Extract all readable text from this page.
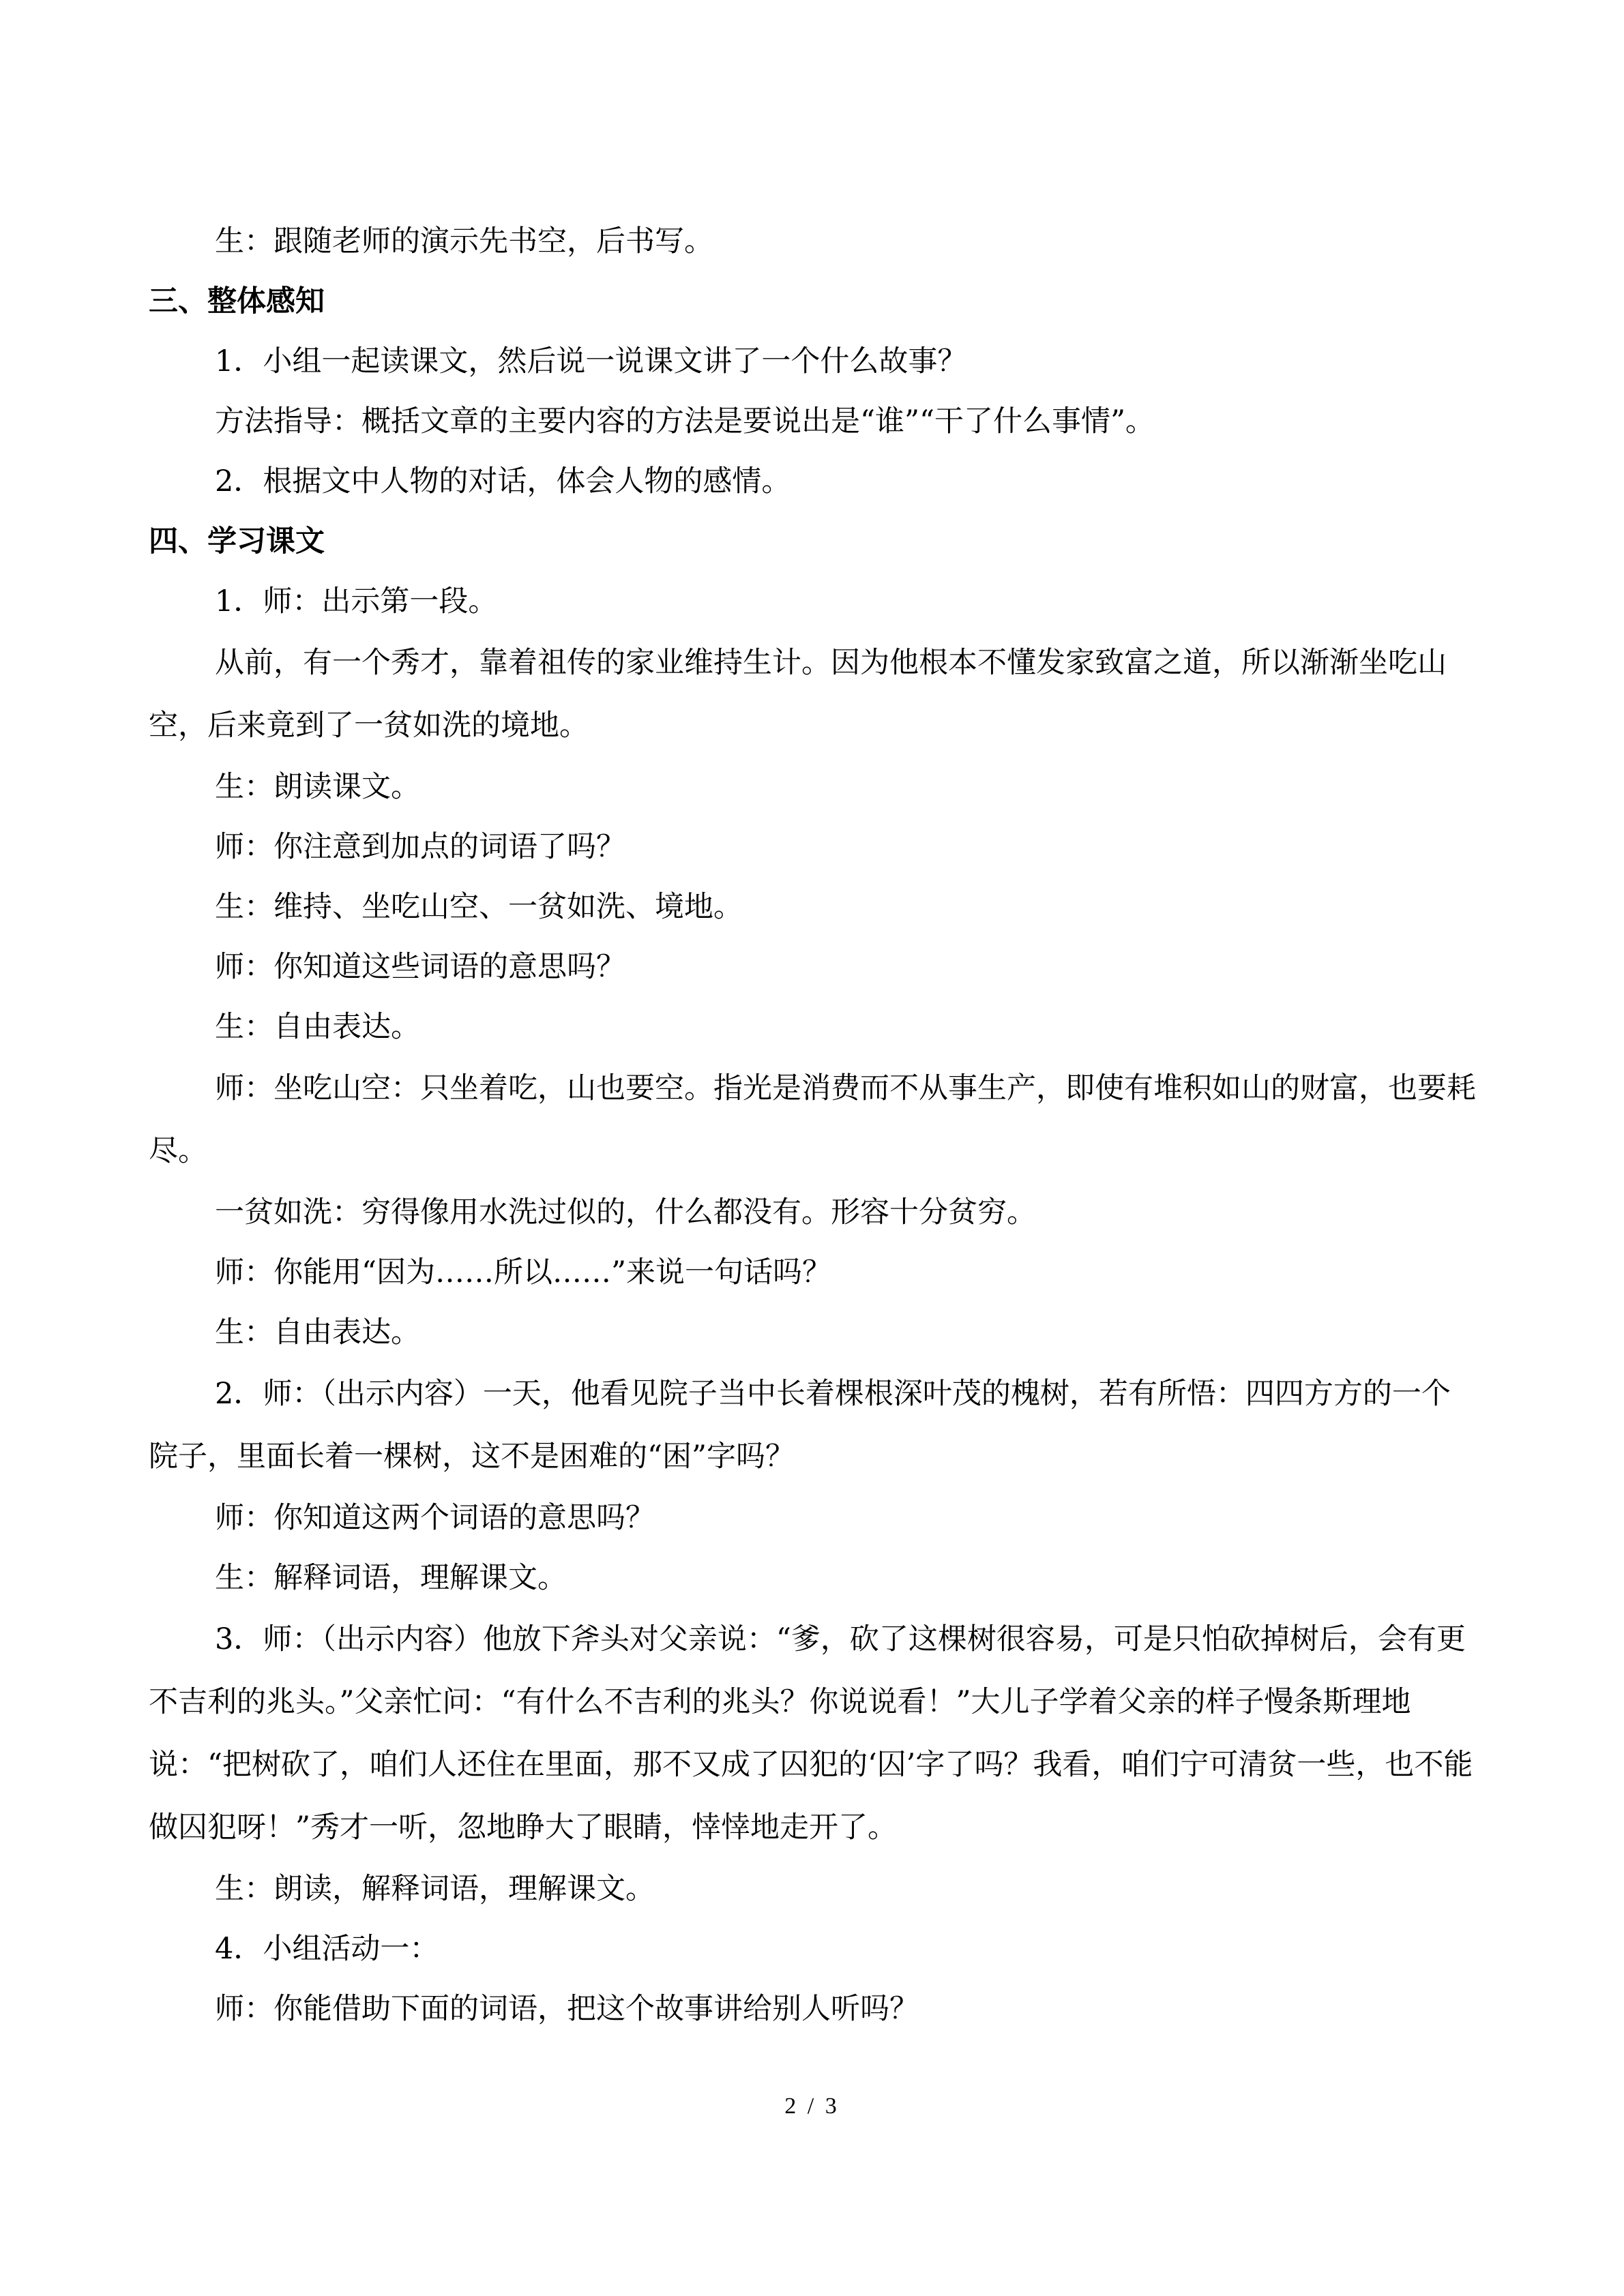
生：跟随老师的演示先书空，后书写。

三、整体感知

1．小组一起读课文，然后说一说课文讲了一个什么故事？

方法指导：概括文章的主要内容的方法是要说出是“谁”“干了什么事情”。

2．根据文中人物的对话，体会人物的感情。

四、学习课文

1．师：出示第一段。

从前，有一个秀才，靠着祖传的家业维持生计。因为他根本不懂发家致富之道，所以渐渐坐吃山空，后来竟到了一贫如洗的境地。

生：朗读课文。

师：你注意到加点的词语了吗？

生：维持、坐吃山空、一贫如洗、境地。

师：你知道这些词语的意思吗？

生：自由表达。

师：坐吃山空：只坐着吃，山也要空。指光是消费而不从事生产，即使有堆积如山的财富，也要耗尽。

一贫如洗：穷得像用水洗过似的，什么都没有。形容十分贫穷。

师：你能用“因为……所以……”来说一句话吗？

生：自由表达。

2．师：（出示内容）一天，他看见院子当中长着棵根深叶茂的槐树，若有所悟：四四方方的一个院子，里面长着一棵树，这不是困难的“困”字吗？

师：你知道这两个词语的意思吗？

生：解释词语，理解课文。

3．师：（出示内容）他放下斧头对父亲说：“爹，砍了这棵树很容易，可是只怕砍掉树后，会有更不吉利的兆头。”父亲忙问：“有什么不吉利的兆头？你说说看！”大儿子学着父亲的样子慢条斯理地说：“把树砍了，咱们人还住在里面，那不又成了囚犯的‘囚’字了吗？我看，咱们宁可清贫一些，也不能做囚犯呀！”秀才一听，忽地睁大了眼睛，悻悻地走开了。

生：朗读，解释词语，理解课文。

4．小组活动一：

师：你能借助下面的词语，把这个故事讲给别人听吗？

2 / 3
